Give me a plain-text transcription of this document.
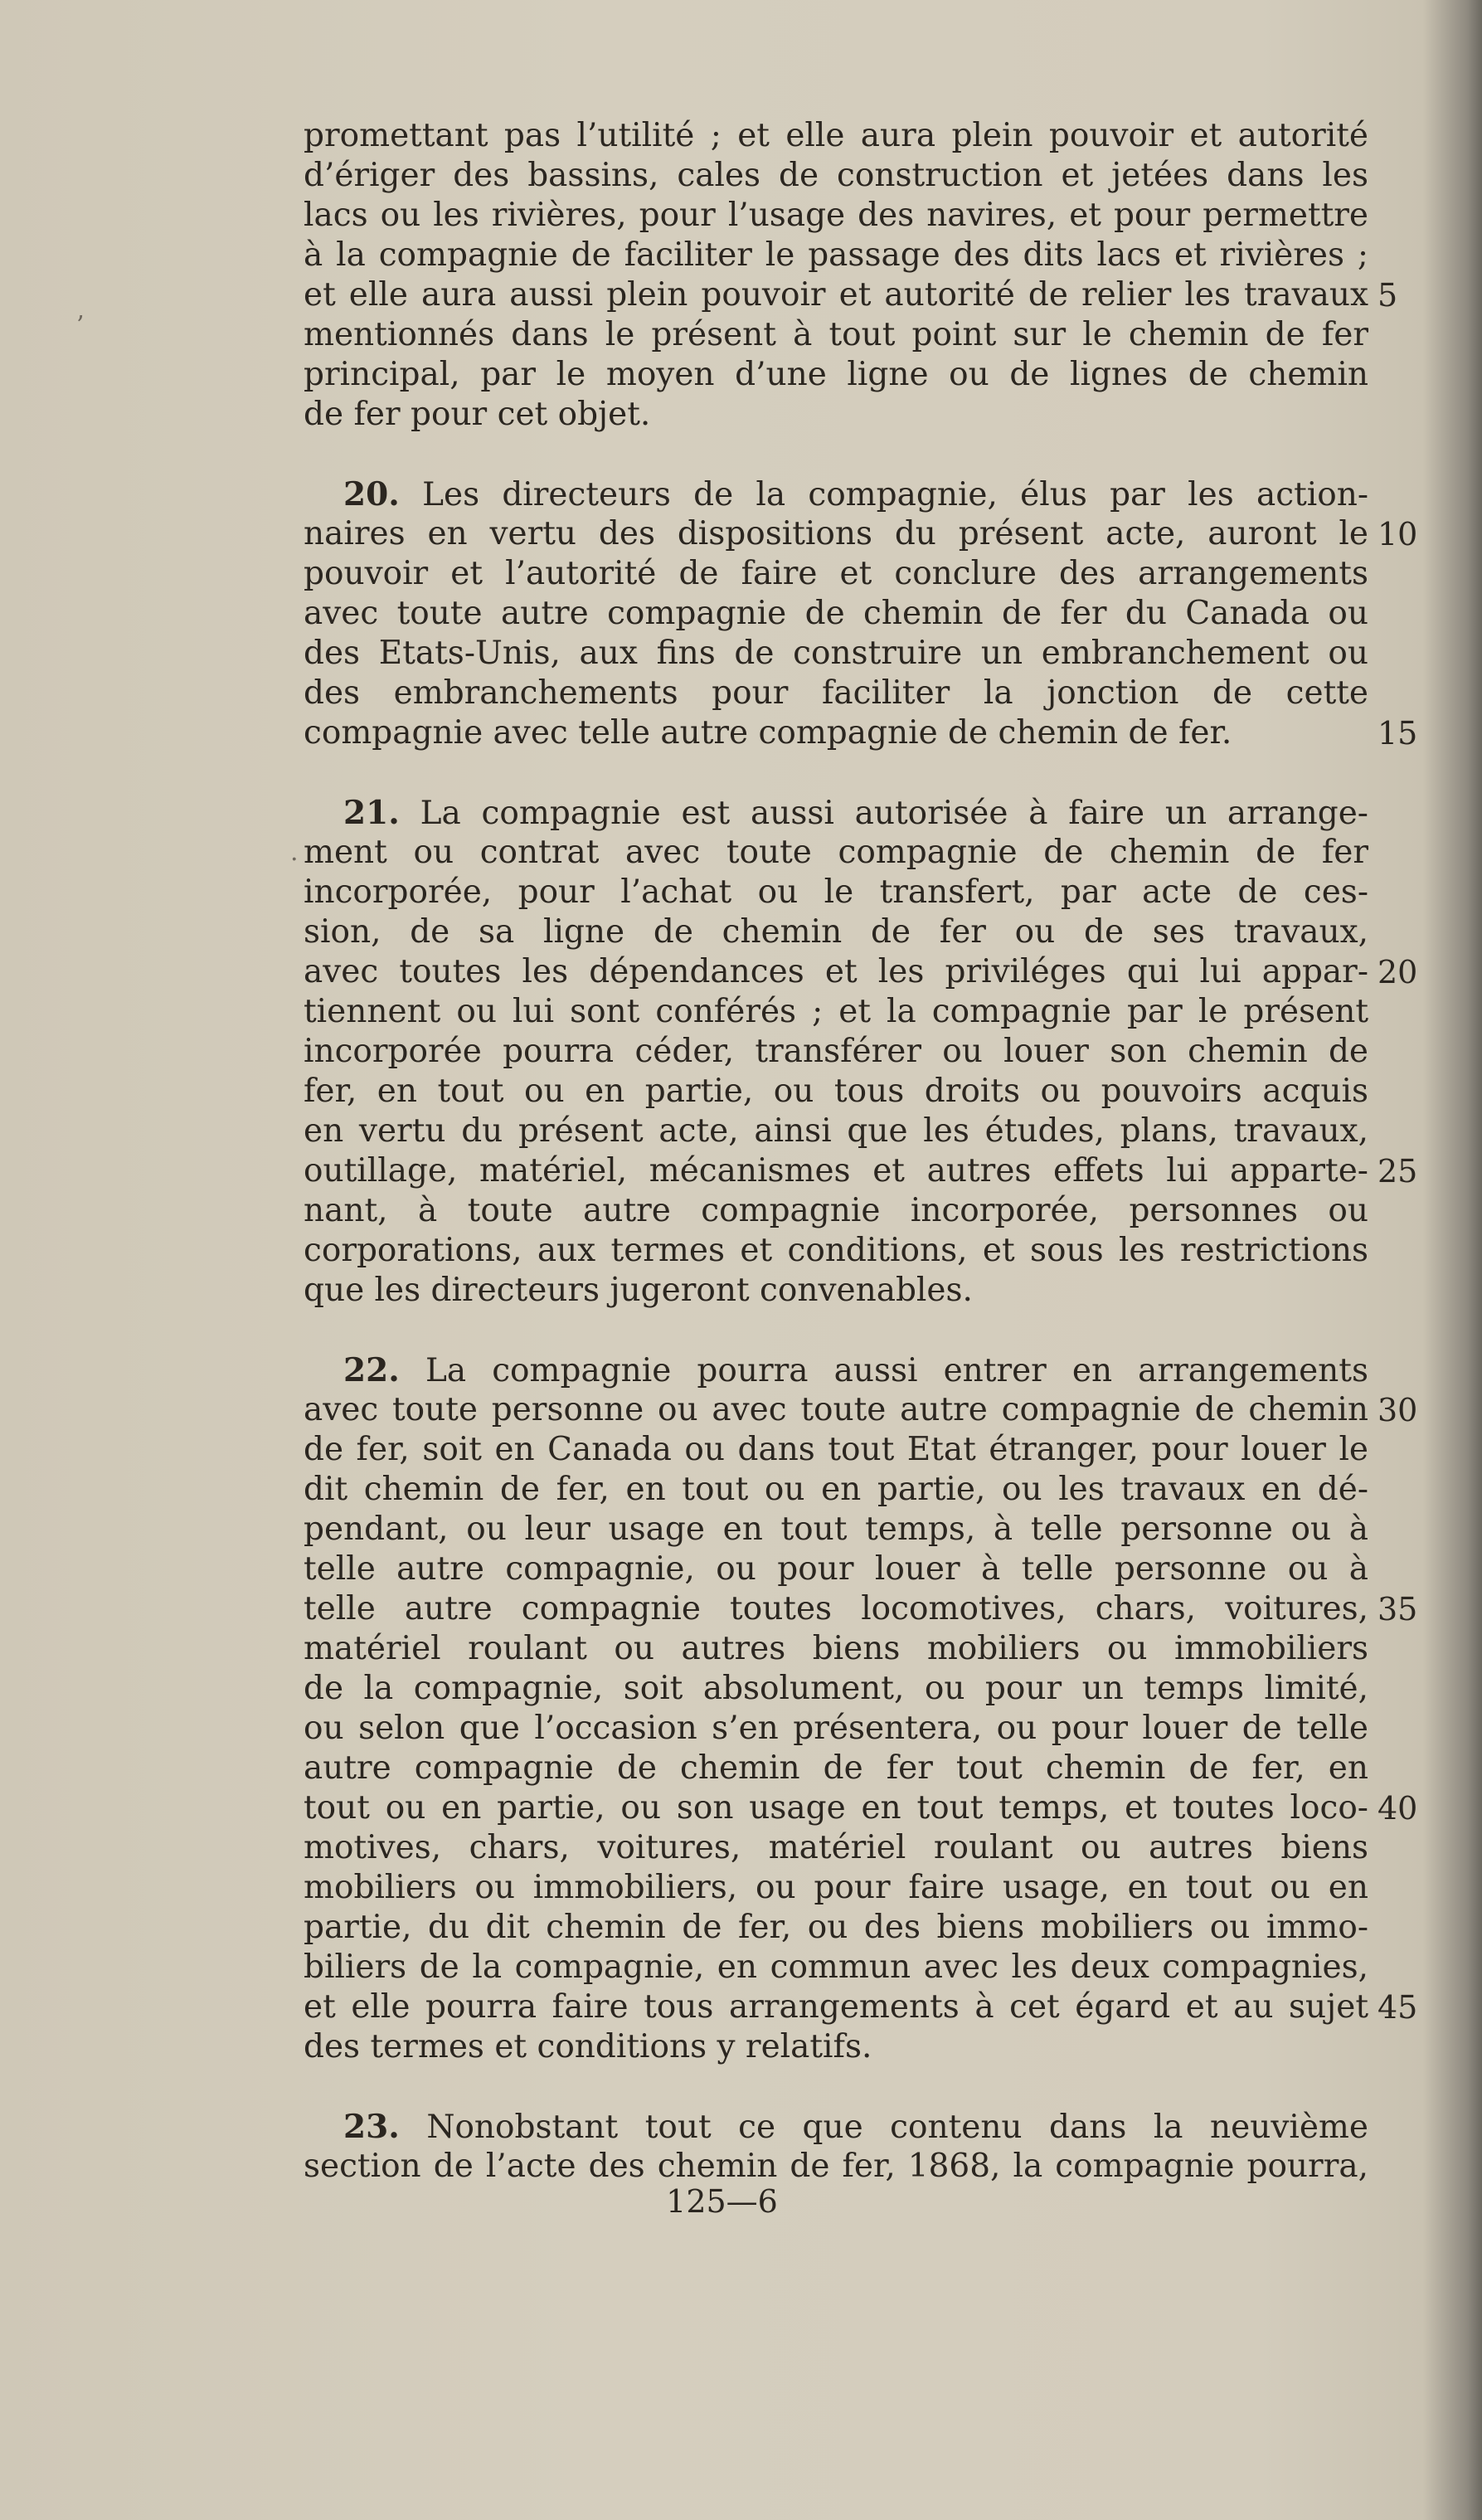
promettant pas l’utilité ; et elle aura plein pouvoir et autorité
d’ériger des bassins, cales de construction et jetées dans les
lacs ou les rivières, pour l’usage des navires, et pour permettre
à la compagnie de faciliter le passage des dits lacs et rivières ;
et elle aura aussi plein pouvoir et autorité de relier les travaux 5
mentionnés dans le présent à tout point sur le chemin de fer
principal, par le moyen d’une ligne ou de lignes de chemin
de fer pour cet objet.
20. Les directeurs de la compagnie, élus par les action-
naires en vertu des dispositions du présent acte, auront le 10
pouvoir et l’autorité de faire et conclure des arrangements
avec toute autre compagnie de chemin de fer du Canada ou
des Etats-Unis, aux fins de construire un embranchement ou
des embranchements pour faciliter la jonction de cette
compagnie avec telle autre compagnie de chemin de fer.	15
21. La compagnie est aussi autorisée à faire un arrange-
ment ou contrat avec toute compagnie de chemin de fer
incorporée, pour l’achat ou le transfert, par acte de ces-
sion, de sa ligne de chemin de fer ou de ses travaux,
avec toutes les dépendances et les priviléges qui lui appar- 20
tiennent ou lui sont conférés ; et la compagnie par le présent
incorporée pourra céder, transférer ou louer son chemin de
fer, en tout ou en partie, ou tous droits ou pouvoirs acquis
en vertu du présent acte, ainsi que les études, plans, travaux,
outillage, matériel, mécanismes et autres effets lui apparte- 25
nant, à toute autre compagnie incorporée, personnes ou
corporations, aux termes et conditions, et sous les restrictions
que les directeurs jugeront convenables.
22. La compagnie pourra aussi entrer en arrangements
avec toute personne ou avec toute autre compagnie de chemin 30
de fer, soit en Canada ou dans tout Etat étranger, pour louer le
dit chemin de fer, en tout ou en partie, ou les travaux en dé-
pendant, ou leur usage en tout temps, à telle personne ou à
telle autre compagnie, ou pour louer à telle personne ou à
telle autre compagnie toutes locomotives, chars, voitures, 35
matériel roulant ou autres biens mobiliers ou immobiliers
de la compagnie, soit absolument, ou pour un temps limité,
ou selon que l’occasion s’en présentera, ou pour louer de telle
autre compagnie de chemin de fer tout chemin de fer, en
tout ou en partie, ou son usage en tout temps, et toutes loco- 40
motives, chars, voitures, matériel roulant ou autres biens
mobiliers ou immobiliers, ou pour faire usage, en tout ou en
partie, du dit chemin de fer, ou des biens mobiliers ou immo-
biliers de la compagnie, en commun avec les deux compagnies,
et elle pourra faire tous arrangements à cet égard et au sujet 45
des termes et conditions y relatifs.
23. Nonobstant tout ce que contenu dans la neuvième
section de l’acte des chemin de fer, 1868, la compagnie pourra,
125—6
’
.
